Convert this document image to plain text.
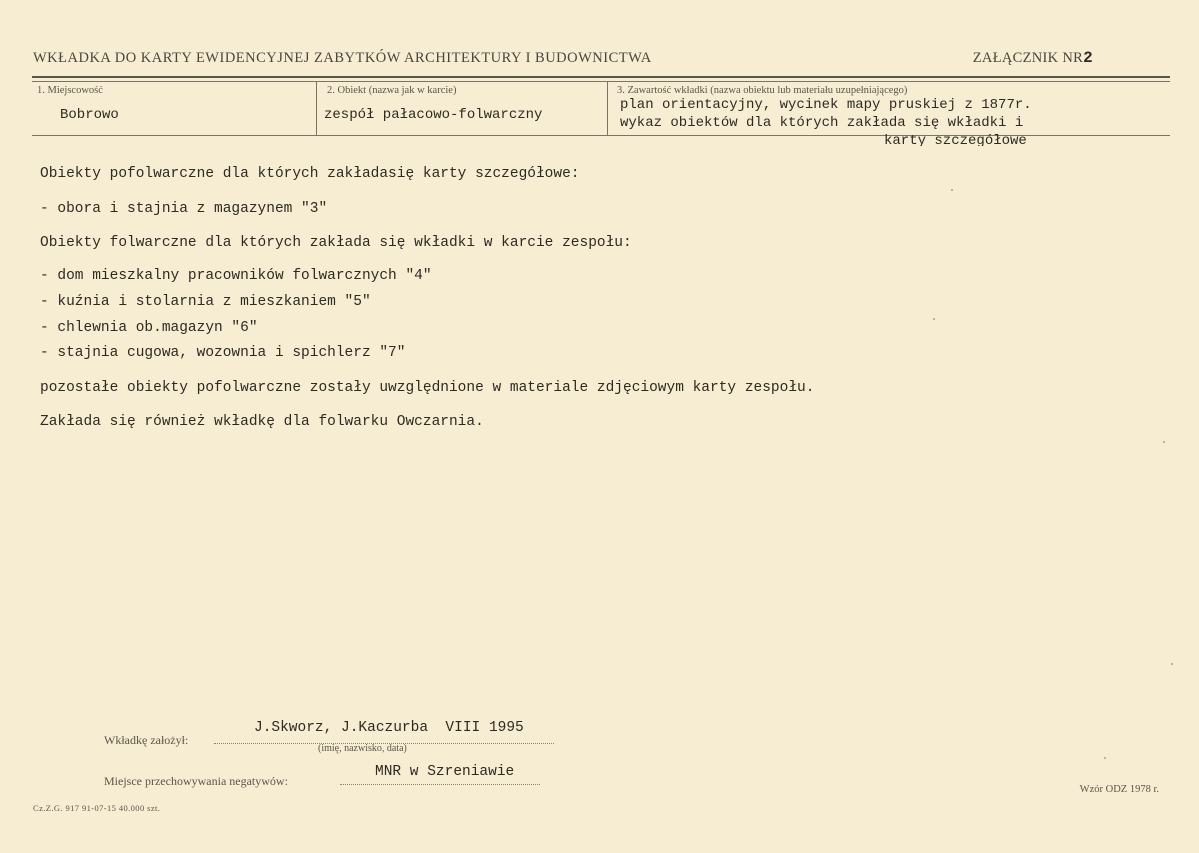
WKŁADKA DO KARTY EWIDENCYJNEJ ZABYTKÓW ARCHITEKTURY I BUDOWNICTWA	ZAŁĄCZNIK NR2
1. Miejscowość
Bobrowo
2. Obiekt (nazwa jak w karcie)
zespół pałacowo-folwarczny
3. Zawartość wkładki (nazwa obiektu lub materiału uzupełniającego)
plan orientacyjny, wycinek mapy pruskiej z 1877r.
wykaz obiektów dla których zakłada się wkładki i
karty szczegółowe
Obiekty pofolwarczne dla których zakładasię karty szczegółowe:
- obora i stajnia z magazynem "3"
Obiekty folwarczne dla których zakłada się wkładki w karcie zespołu:
- dom mieszkalny pracowników folwarcznych "4"
- kuźnia i stolarnia z mieszkaniem "5"
- chlewnia ob.magazyn "6"
- stajnia cugowa, wozownia i spichlerz "7"
pozostałe obiekty pofolwarczne zostały uwzględnione w materiale zdjęciowym karty zespołu.
Zakłada się również wkładkę dla folwarku Owczarnia.
Wkładkę założył:
J.Skworz, J.Kaczurba  VIII 1995
(imię, nazwisko, data)
Miejsce przechowywania negatywów:
MNR w Szreniawie
Cz.Z.G. 917 91-07-15 40.000 szt.
Wzór ODZ 1978 r.
